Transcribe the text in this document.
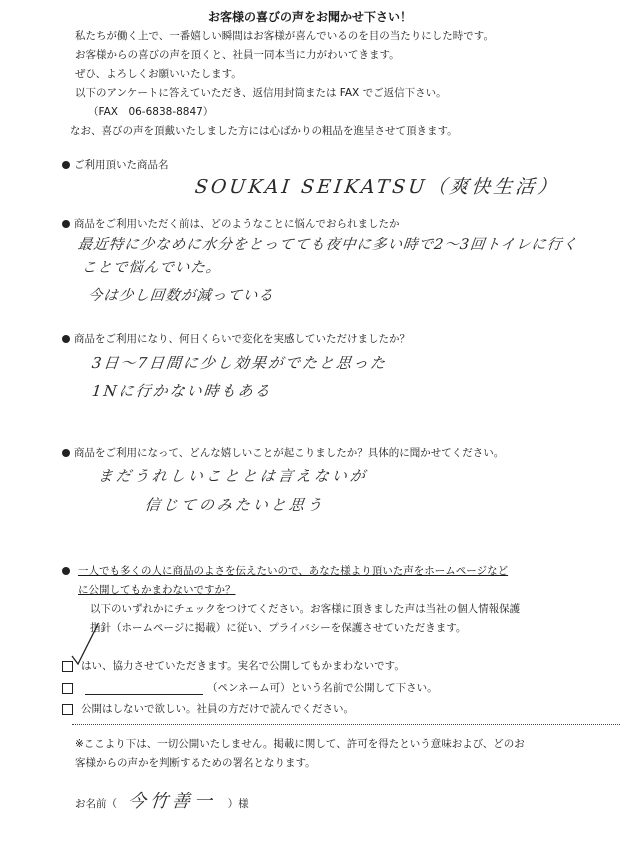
お客様の喜びの声をお聞かせ下さい！
私たちが働く上で、一番嬉しい瞬間はお客様が喜んでいるのを目の当たりにした時です。
お客様からの喜びの声を頂くと、社員一同本当に力がわいてきます。
ぜひ、よろしくお願いいたします。
以下のアンケートに答えていただき、返信用封筒または FAX でご返信下さい。
（FAX　06-6838-8847）
なお、喜びの声を頂戴いたしました方には心ばかりの粗品を進呈させて頂きます。
ご利用頂いた商品名
SOUKAI SEIKATSU（爽快生活）
商品をご利用いただく前は、どのようなことに悩んでおられましたか
最近特に少なめに水分をとってても夜中に多い時で2～3回トイレに行く
ことで悩んでいた。
今は少し回数が減っている
商品をご利用になり、何日くらいで変化を実感していただけましたか？
3日～7日間に少し効果がでたと思った
1Nに行かない時もある
商品をご利用になって、どんな嬉しいことが起こりましたか？具体的に聞かせてください。
まだうれしいこととは言えないが
信じてのみたいと思う
一人でも多くの人に商品のよさを伝えたいので、あなた様より頂いた声をホームページなど
に公開してもかまわないですか？
以下のいずれかにチェックをつけてください。お客様に頂きました声は当社の個人情報保護
指針（ホームページに掲載）に従い、プライバシーを保護させていただきます。
はい、協力させていただきます。実名で公開してもかまわないです。
（ペンネーム可）という名前で公開して下さい。
公開はしないで欲しい。社員の方だけで読んでください。
※ここより下は、一切公開いたしません。掲載に関して、許可を得たという意味および、どのお
客様からの声かを判断するための署名となります。
お名前（ 今竹善一 ）様
